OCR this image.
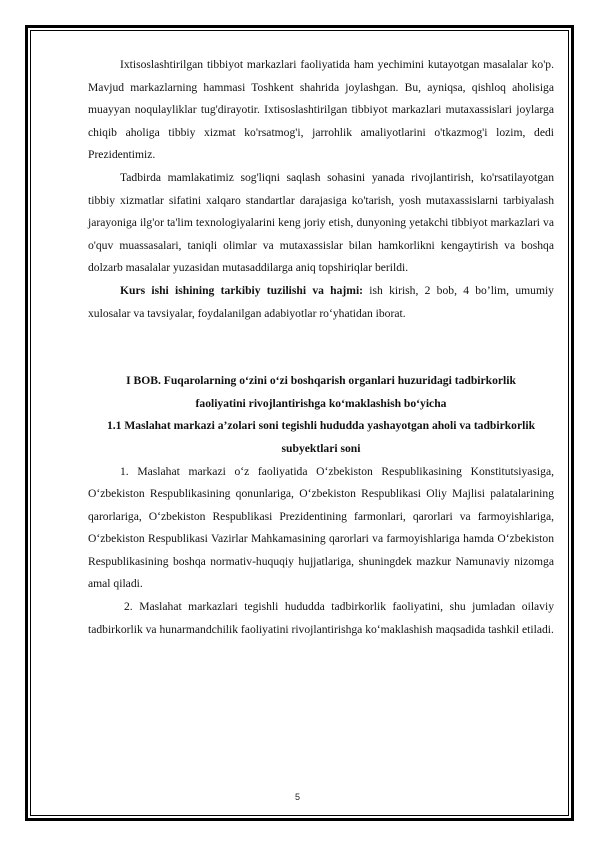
Ixtisoslashtirilgan tibbiyot markazlari faoliyatida ham yechimini kutayotgan masalalar ko'p. Mavjud markazlarning hammasi Toshkent shahrida joylashgan. Bu, ayniqsa, qishloq aholisiga muayyan noqulayliklar tug'dirayotir. Ixtisoslashtirilgan tibbiyot markazlari mutaxassislari joylarga chiqib aholiga tibbiy xizmat ko'rsatmog'i, jarrohlik amaliyotlarini o'tkazmog'i lozim, dedi Prezidentimiz.

Tadbirda mamlakatimiz sog'liqni saqlash sohasini yanada rivojlantirish, ko'rsatilayotgan tibbiy xizmatlar sifatini xalqaro standartlar darajasiga ko'tarish, yosh mutaxassislarni tarbiyalash jarayoniga ilg'or ta'lim texnologiyalarini keng joriy etish, dunyoning yetakchi tibbiyot markazlari va o'quv muassasalari, taniqli olimlar va mutaxassislar bilan hamkorlikni kengaytirish va boshqa dolzarb masalalar yuzasidan mutasaddilarga aniq topshiriqlar berildi.

Kurs ishi ishining tarkibiy tuzilishi va hajmi: ish kirish, 2 bob, 4 bo’lim, umumiy xulosalar va tavsiyalar, foydalanilgan adabiyotlar ro‘yhatidan iborat.

I BOB. Fuqarolarning o‘zini o‘zi boshqarish organlari huzuridagi tadbirkorlik faoliyatini rivojlantirishga ko‘maklashish bo‘yicha

1.1 Maslahat markazi a’zolari soni tegishli hududda yashayotgan aholi va tadbirkorlik subyektlari soni

1. Maslahat markazi o‘z faoliyatida O‘zbekiston Respublikasining Konstitutsiyasiga, O‘zbekiston Respublikasining qonunlariga, O‘zbekiston Respublikasi Oliy Majlisi palatalarining qarorlariga, O‘zbekiston Respublikasi Prezidentining farmonlari, qarorlari va farmoyishlariga, O‘zbekiston Respublikasi Vazirlar Mahkamasining qarorlari va farmoyishlariga hamda O‘zbekiston Respublikasining boshqa normativ-huquqiy hujjatlariga, shuningdek mazkur Namunaviy nizomga amal qiladi.

2. Maslahat markazlari tegishli hududda tadbirkorlik faoliyatini, shu jumladan oilaviy tadbirkorlik va hunarmandchilik faoliyatini rivojlantirishga ko‘maklashish maqsadida tashkil etiladi.

5
